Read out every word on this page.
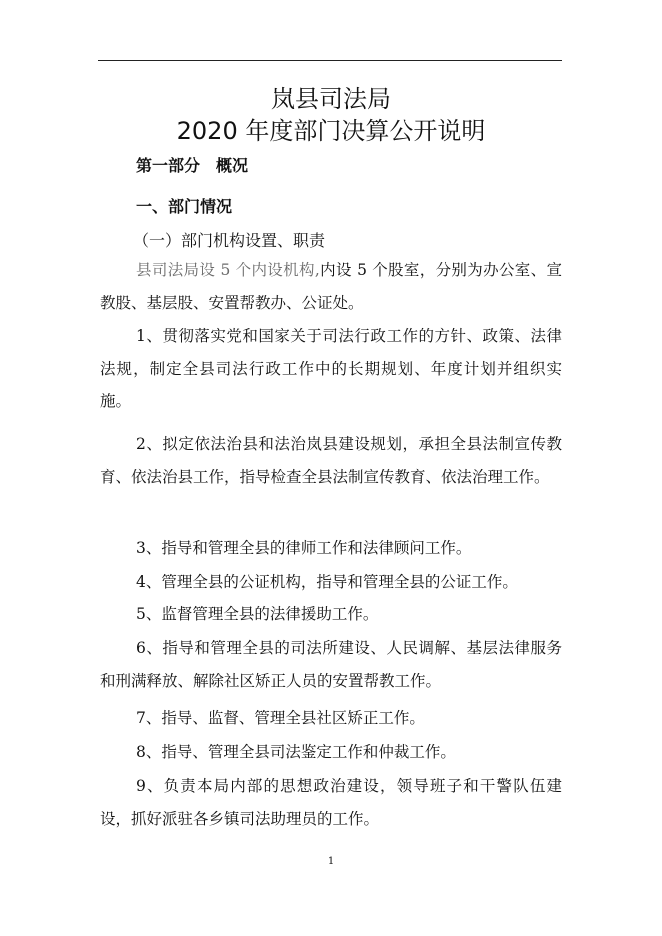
岚县司法局
2020 年度部门决算公开说明
第一部分　概况
一、部门情况
（一）部门机构设置、职责
县司法局设 5 个内设机构,内设 5 个股室，分别为办公室、宣教股、基层股、安置帮教办、公证处。
1、贯彻落实党和国家关于司法行政工作的方针、政策、法律法规，制定全县司法行政工作中的长期规划、年度计划并组织实施。
2、拟定依法治县和法治岚县建设规划，承担全县法制宣传教育、依法治县工作，指导检查全县法制宣传教育、依法治理工作。
3、指导和管理全县的律师工作和法律顾问工作。
4、管理全县的公证机构，指导和管理全县的公证工作。
5、监督管理全县的法律援助工作。
6、指导和管理全县的司法所建设、人民调解、基层法律服务和刑满释放、解除社区矫正人员的安置帮教工作。
7、指导、监督、管理全县社区矫正工作。
8、指导、管理全县司法鉴定工作和仲裁工作。
9、负责本局内部的思想政治建设，领导班子和干警队伍建设，抓好派驻各乡镇司法助理员的工作。
1
